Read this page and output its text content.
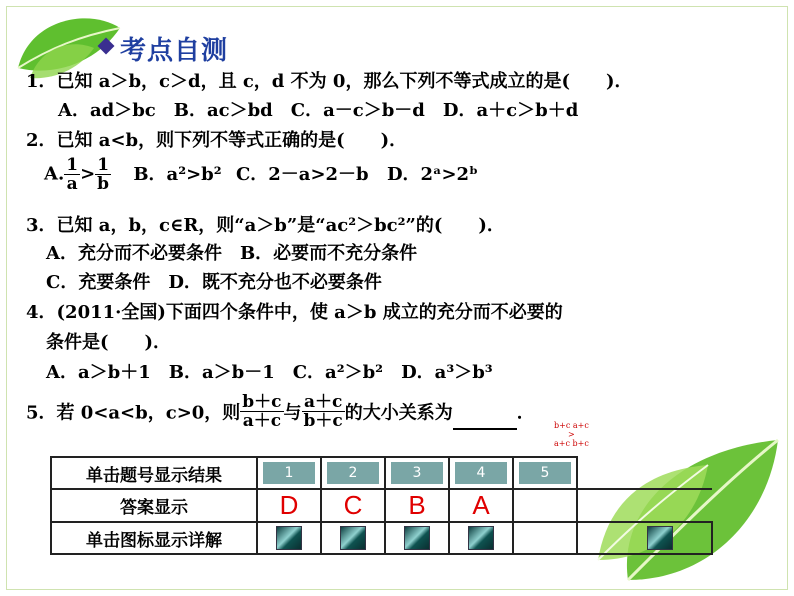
考点自测
1．已知 a＞b，c＞d，且 c，d 不为 0，那么下列不等式成立的是(　　)．
A．ad＞bc　B．ac＞bd　C．a－c＞b－d　D．a＋c＞b＋d
2．已知 a<b，则下列不等式正确的是(　　)．
A. $\frac{1}{a} > \frac{1}{b}$ B．a²>b² C．2－a>2－b D．2ᵃ>2ᵇ
3．已知 a，b，c∈R，则“a＞b”是“ac²＞bc²”的(　　)．
A．充分而不必要条件　B．必要而不充分条件
C．充要条件　D．既不充分也不必要条件
4．(2011·全国)下面四个条件中，使 a＞b 成立的充分而不必要的
条件是(　　)．
A．a＞b＋1　B．a＞b－1　C．a²＞b²　D．a³＞b³
5．若 0<a<b，c>0，则 $\frac{b+c}{a+c}$ 与 $\frac{a+c}{b+c}$ 的大小关系为	．
b+c a+c
>
a+c b+c
单击题号显示结果	1	2	3	4	5	
答案显示	D	C	B	A		
单击图标显示详解						
